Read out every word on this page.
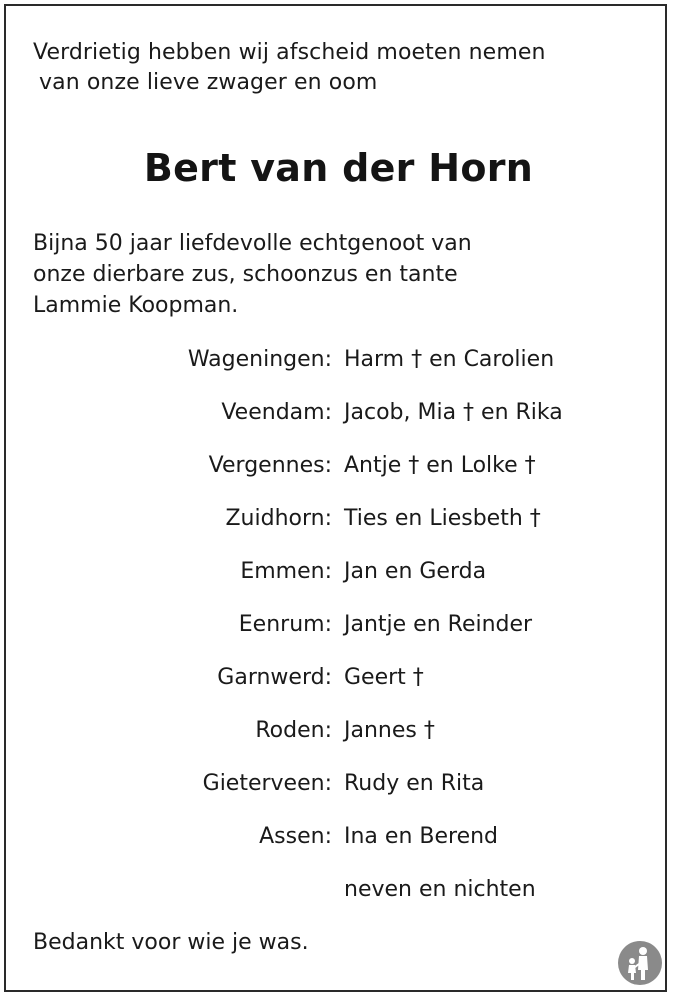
Verdrietig hebben wij afscheid moeten nemen
van onze lieve zwager en oom
Bert van der Horn
Bijna 50 jaar liefdevolle echtgenoot van
onze dierbare zus, schoonzus en tante
Lammie Koopman.
Wageningen: Harm † en Carolien
Veendam: Jacob, Mia † en Rika
Vergennes: Antje † en Lolke †
Zuidhorn: Ties en Liesbeth †
Emmen: Jan en Gerda
Eenrum: Jantje en Reinder
Garnwerd: Geert †
Roden: Jannes †
Gieterveen: Rudy en Rita
Assen: Ina en Berend
neven en nichten
Bedankt voor wie je was.
